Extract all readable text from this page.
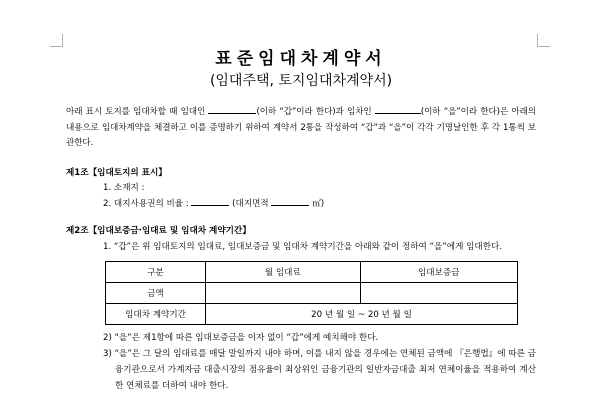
표준임대차계약서
(임대주택, 토지임대차계약서)
아래 표시 토지를 임대차할 때 임대인	(이하 “갑”이라 한다)과 임차인	(이하 “을”이라 한다)은 아래의 내용으로 임대차계약을 체결하고 이를 증명하기 위하여 계약서 2통을 작성하여 “갑”과 “을”이 각각 기명날인한 후 각 1통씩 보관한다.
제1조【임대토지의 표시】
1. 소재지 :
2. 대지사용권의 비율 :	(대지면적	㎡)
제2조【임대보증금·임대료 및 임대차 계약기간】
1. “갑”은 위 임대토지의 임대료, 임대보증금 및 임대차 계약기간을 아래와 같이 정하여 “을”에게 임대한다.
구분	월 임대료	임대보증금
금액		
임대차 계약기간	20 년 월 일 ~ 20 년 월 일	
2) “을”은 제1항에 따른 임대보증금을 이자 없이 “갑”에게 예치해야 한다.
3) “을”은 그 달의 임대료를 매달 말일까지 내야 하며, 이를 내지 않을 경우에는 연체된 금액에 『은행법』에 따른 금융기관으로서 가계자금 대출시장의 점유율이 최상위인 금융기관의 일반자금대출 최저 연체이율을 적용하여 계산한 연체료를 더하여 내야 한다.
